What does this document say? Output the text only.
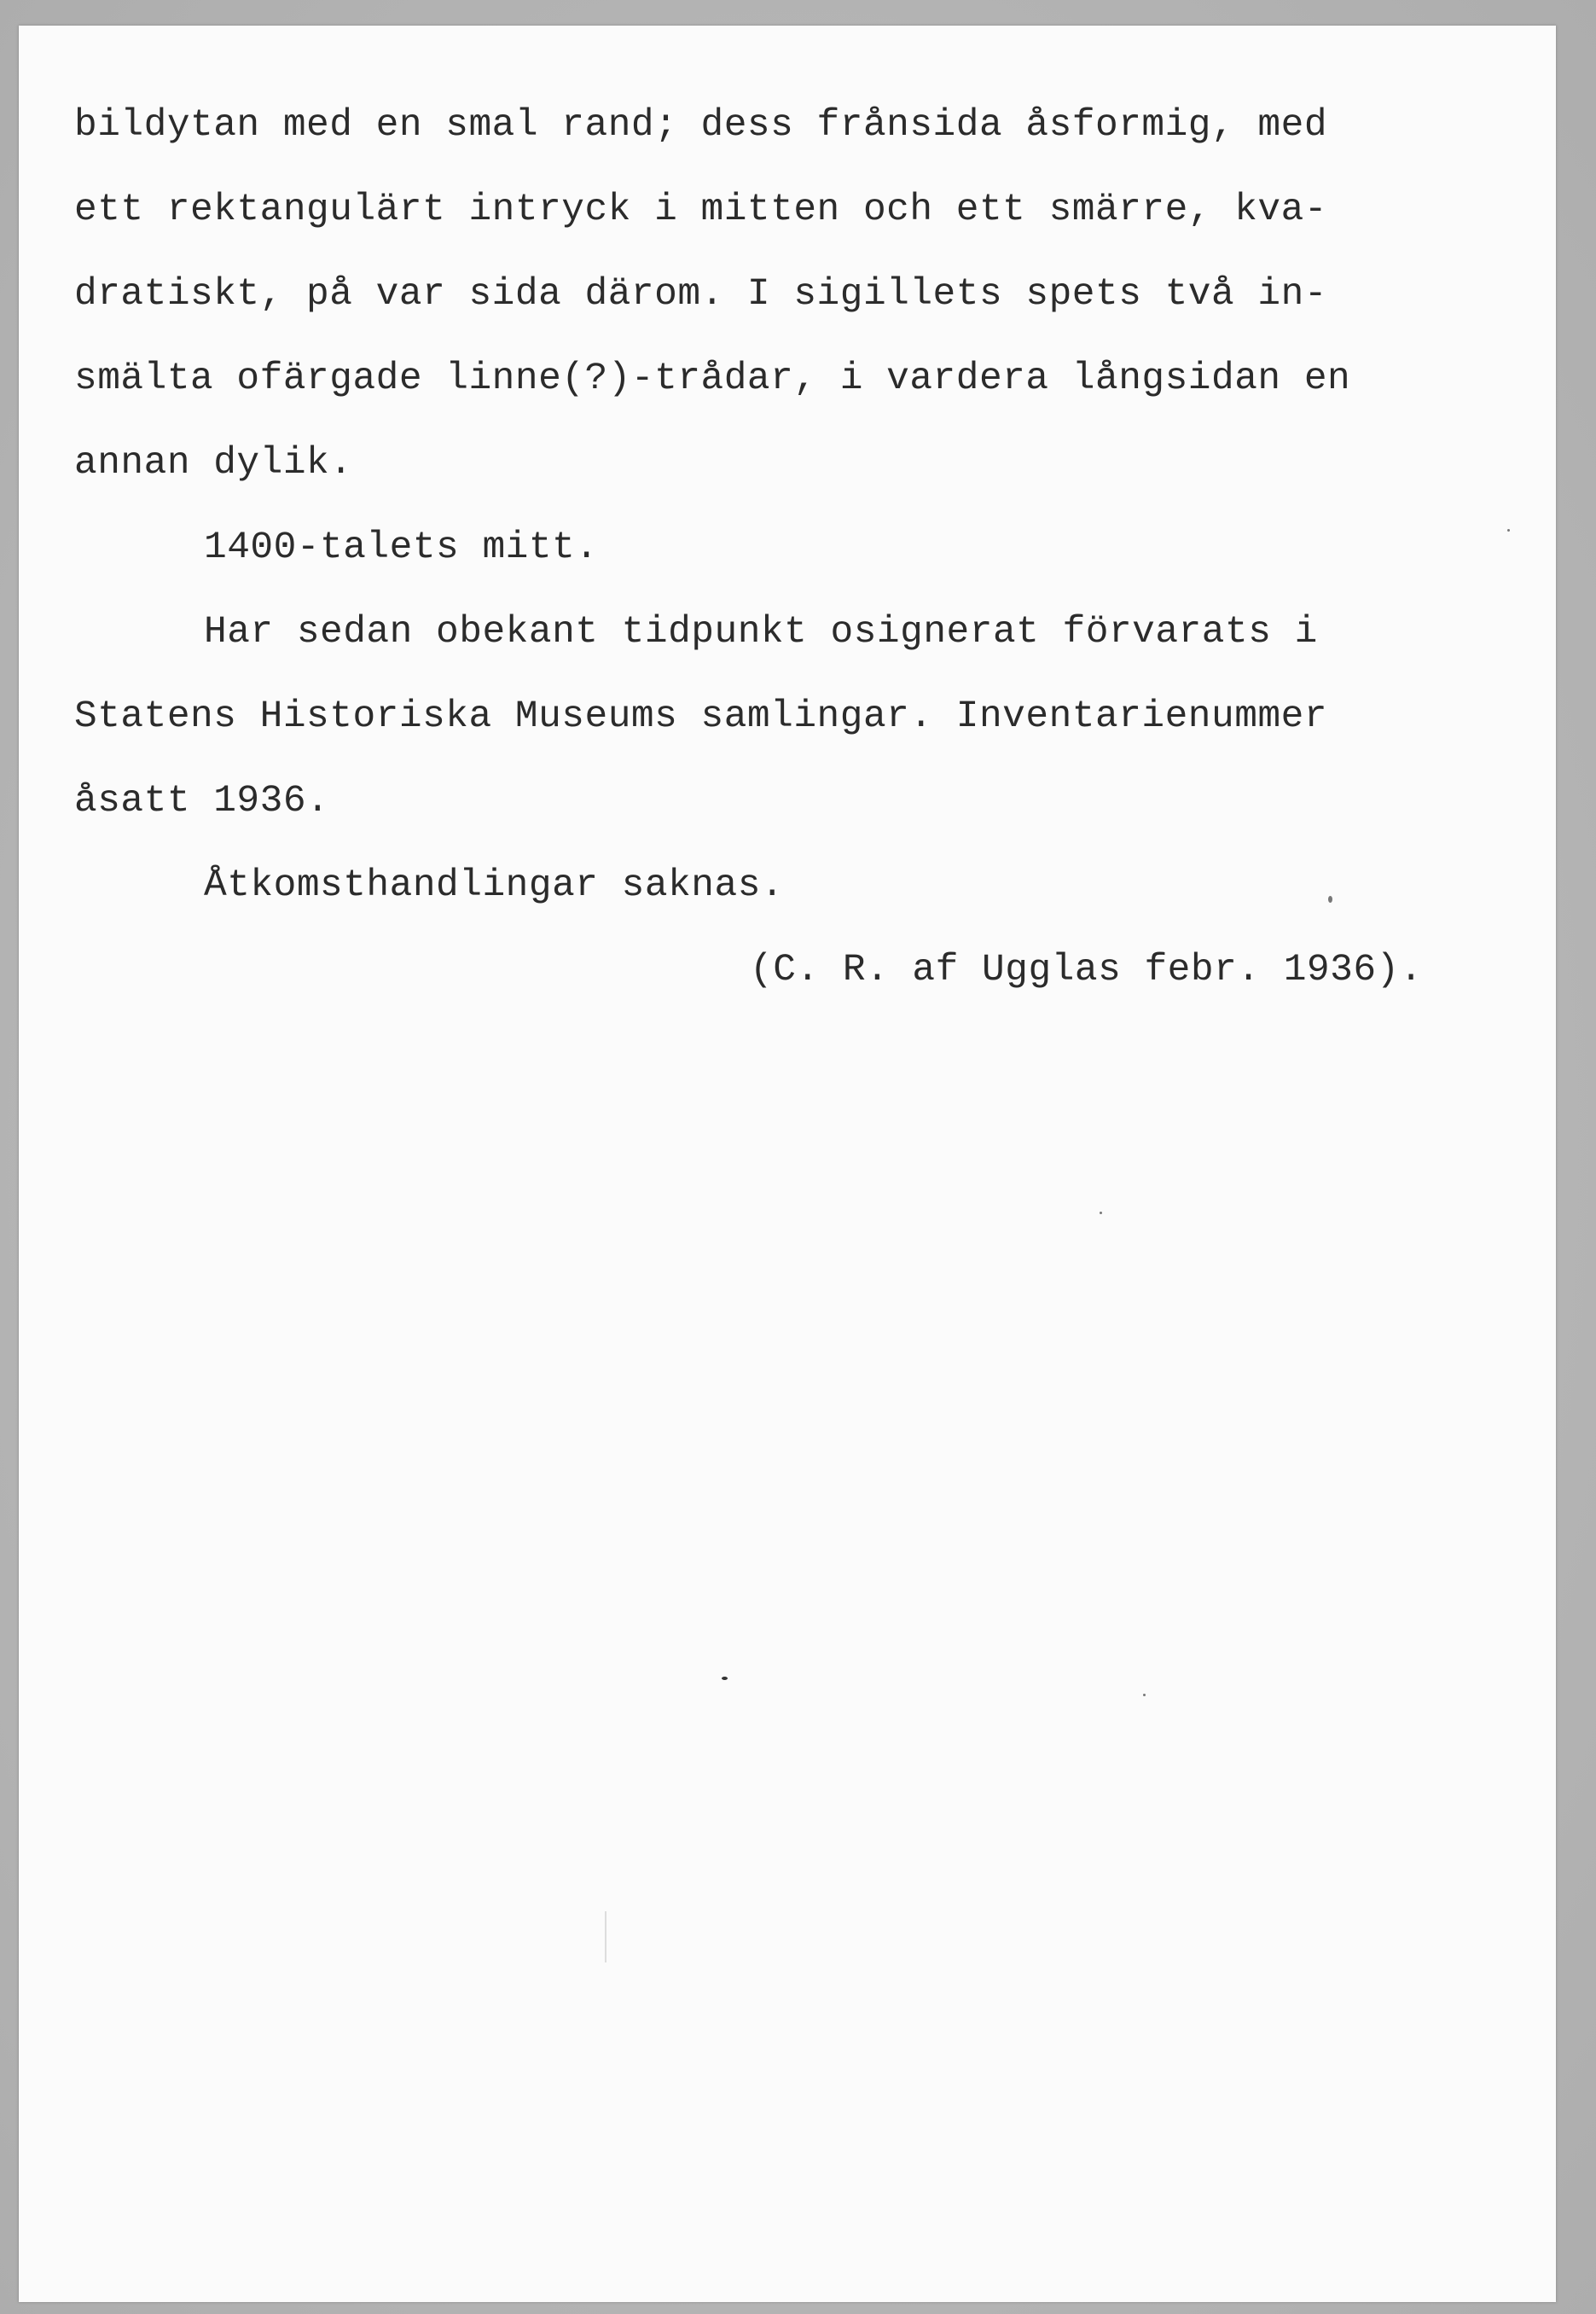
bildytan med en smal rand; dess frånsida åsformig, med
ett rektangulärt intryck i mitten och ett smärre, kva-
dratiskt, på var sida därom. I sigillets spets två in-
smälta ofärgade linne(?)-trådar, i vardera långsidan en
annan dylik.
1400-talets mitt.
Har sedan obekant tidpunkt osignerat förvarats i
Statens Historiska Museums samlingar. Inventarienummer
åsatt 1936.
Åtkomsthandlingar saknas.
(C. R. af Ugglas febr. 1936).
